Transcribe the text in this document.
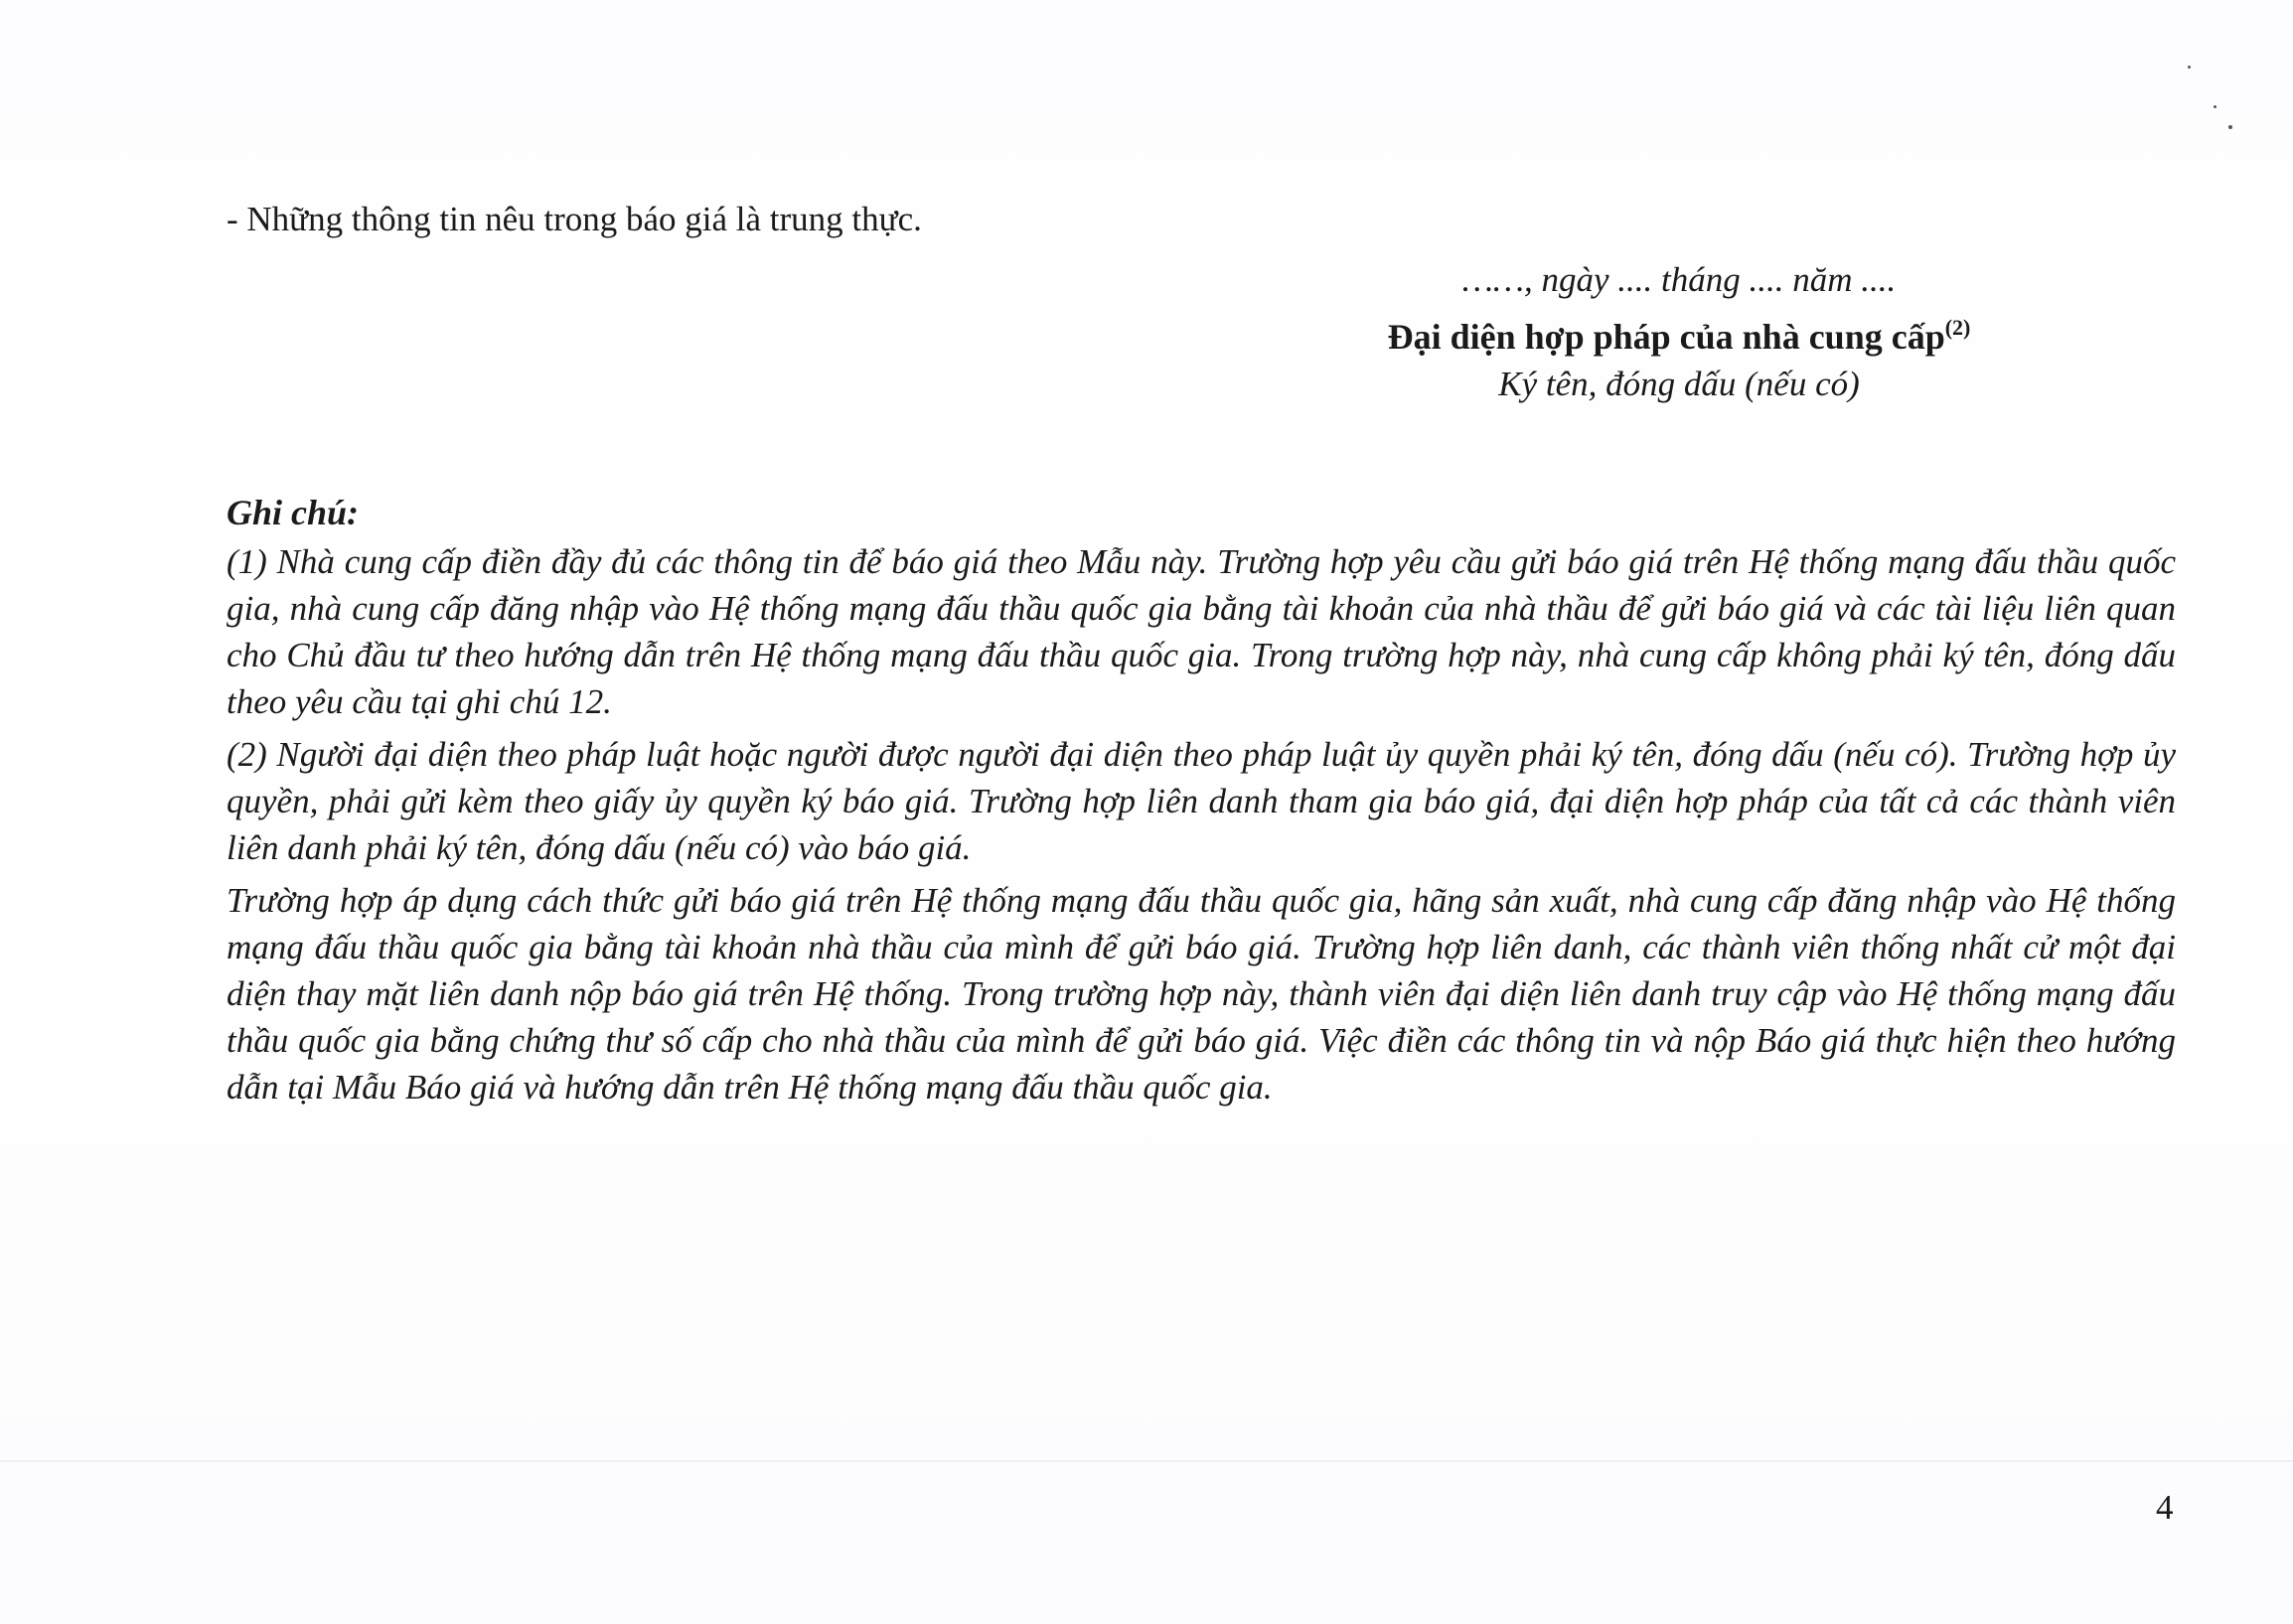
- Những thông tin nêu trong báo giá là trung thực.
……, ngày .... tháng .... năm ....
Đại diện hợp pháp của nhà cung cấp$^{(2)}$
Ký tên, đóng dấu (nếu có)
Ghi chú:

(1) Nhà cung cấp điền đầy đủ các thông tin để báo giá theo Mẫu này. Trường hợp yêu cầu gửi báo giá trên Hệ thống mạng đấu thầu quốc gia, nhà cung cấp đăng nhập vào Hệ thống mạng đấu thầu quốc gia bằng tài khoản của nhà thầu để gửi báo giá và các tài liệu liên quan cho Chủ đầu tư theo hướng dẫn trên Hệ thống mạng đấu thầu quốc gia. Trong trường hợp này, nhà cung cấp không phải ký tên, đóng dấu theo yêu cầu tại ghi chú 12.

(2) Người đại diện theo pháp luật hoặc người được người đại diện theo pháp luật ủy quyền phải ký tên, đóng dấu (nếu có). Trường hợp ủy quyền, phải gửi kèm theo giấy ủy quyền ký báo giá. Trường hợp liên danh tham gia báo giá, đại diện hợp pháp của tất cả các thành viên liên danh phải ký tên, đóng dấu (nếu có) vào báo giá.

Trường hợp áp dụng cách thức gửi báo giá trên Hệ thống mạng đấu thầu quốc gia, hãng sản xuất, nhà cung cấp đăng nhập vào Hệ thống mạng đấu thầu quốc gia bằng tài khoản nhà thầu của mình để gửi báo giá. Trường hợp liên danh, các thành viên thống nhất cử một đại diện thay mặt liên danh nộp báo giá trên Hệ thống. Trong trường hợp này, thành viên đại diện liên danh truy cập vào Hệ thống mạng đấu thầu quốc gia bằng chứng thư số cấp cho nhà thầu của mình để gửi báo giá. Việc điền các thông tin và nộp Báo giá thực hiện theo hướng dẫn tại Mẫu Báo giá và hướng dẫn trên Hệ thống mạng đấu thầu quốc gia.

4
